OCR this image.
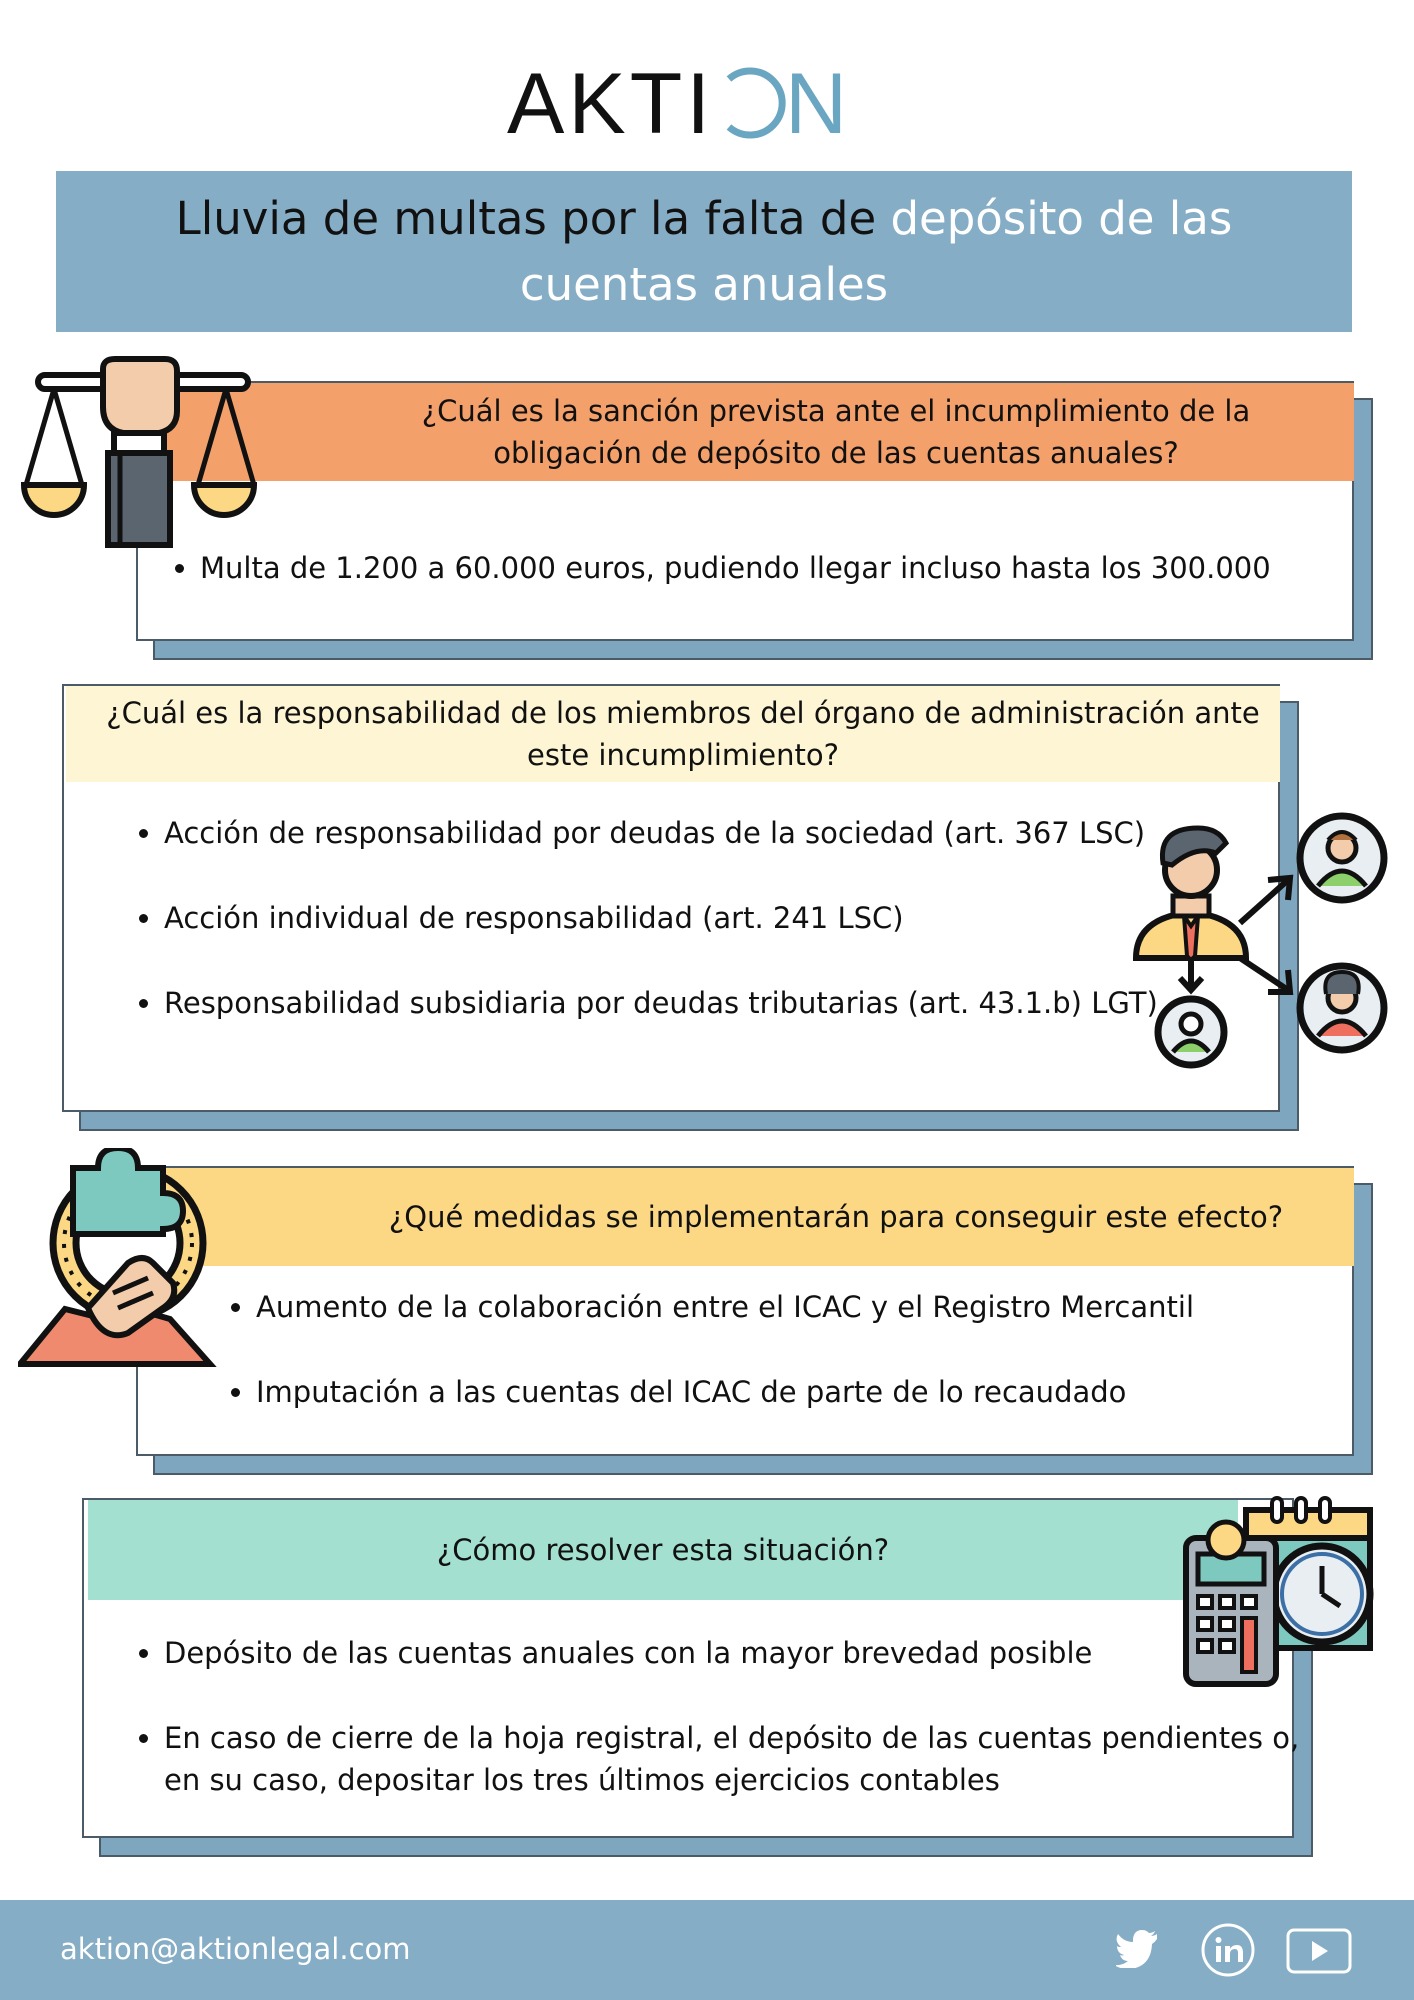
AKTI N
Lluvia de multas por la falta de depósito de las cuentas anuales
¿Cuál es la sanción prevista ante el incumplimiento de la obligación de depósito de las cuentas anuales?
• Multa de 1.200 a 60.000 euros, pudiendo llegar incluso hasta los 300.000
¿Cuál es la responsabilidad de los miembros del órgano de administración ante este incumplimiento?
• Acción de responsabilidad por deudas de la sociedad (art. 367 LSC)
• Acción individual de responsabilidad (art. 241 LSC)
• Responsabilidad subsidiaria por deudas tributarias (art. 43.1.b) LGT)
¿Qué medidas se implementarán para conseguir este efecto?
• Aumento de la colaboración entre el ICAC y el Registro Mercantil
• Imputación a las cuentas del ICAC de parte de lo recaudado
¿Cómo resolver esta situación?
• Depósito de las cuentas anuales con la mayor brevedad posible
• En caso de cierre de la hoja registral, el depósito de las cuentas pendientes o, en su caso, depositar los tres últimos ejercicios contables
aktion@aktionlegal.com
